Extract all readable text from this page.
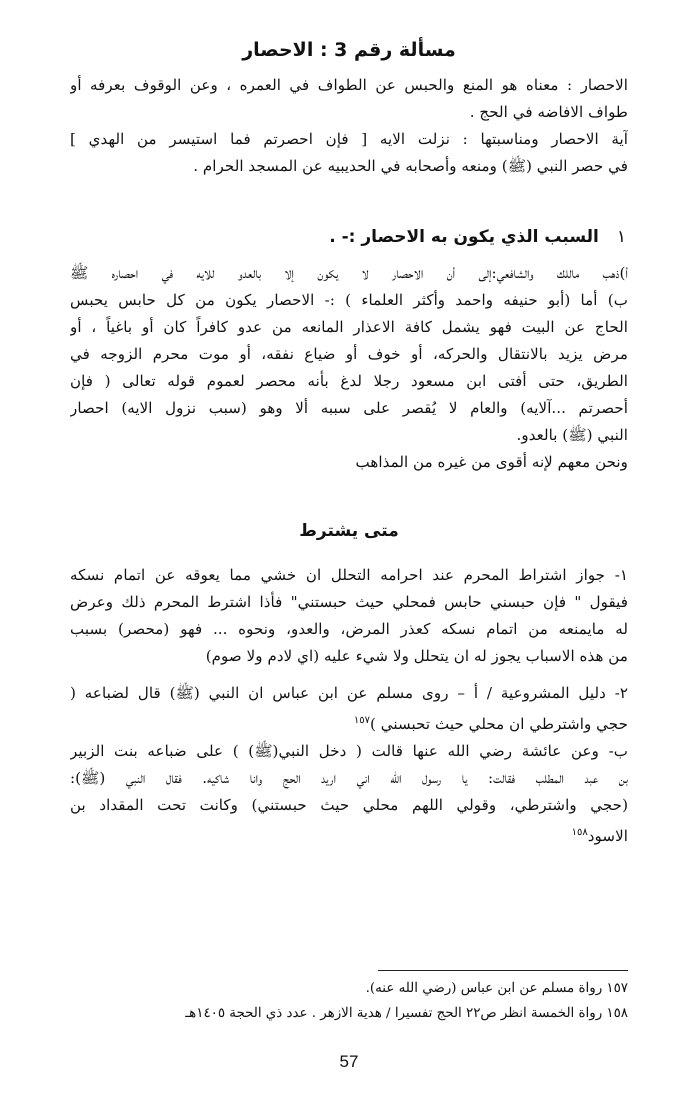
مسألة رقم 3 : الاحصار
الاحصار : معناه هو المنع والحبس عن الطواف في العمره ، وعن الوقوف بعرفه أو
طواف الافاضه في الحج .
آية الاحصار ومناسبتها : نزلت الايه [ فإن احصرتم فما استيسر من الهدي ]
في حصر النبي (ﷺ) ومنعه وأصحابه في الحديبيه عن المسجد الحرام .
١السبب الذي يكون به الاحصار :- .
أ)ذهب ماللك والشافعي:إلى أن الاحصار لا يكون إلا بالعدو للايه في احصاره ﷺ
ب) أما (أبو حنيفه واحمد وأكثر العلماء ) :- الاحصار يكون من كل حابس يحبس
الحاج عن البيت فهو يشمل كافة الاعذار المانعه من عدو كافراً كان أو باغياً ، أو
مرض يزيد بالانتقال والحركه، أو خوف أو ضياع نفقه، أو موت محرم الزوجه في
الطريق، حتى أفتى ابن مسعود رجلا لدغ بأنه محصر لعموم قوله تعالى ( فإن
أحصرتم ...آلايه) والعام لا يُقصر على سببه ألا وهو (سبب نزول الايه) احصار
النبي (ﷺ) بالعدو.
ونحن معهم لإنه أقوى من غيره من المذاهب
متى يشترط
١- جواز اشتراط المحرم عند احرامه التحلل ان خشي مما يعوقه عن اتمام نسكه
فيقول " فإن حبسني حابس فمحلي حيث حبستني" فأذا اشترط المحرم ذلك وعرض
له مايمنعه من اتمام نسكه كعذر المرض، والعدو، ونحوه ... فهو (محصر) بسبب
من هذه الاسباب يجوز له ان يتحلل ولا شيء عليه (اي لادم ولا صوم)
٢- دليل المشروعية / أ – روى مسلم عن ابن عباس ان النبي (ﷺ) قال لضباعه (
حجي واشترطي ان محلي حيث تحبسني )$^{١٥٧}$
ب- وعن عائشة رضي الله عنها قالت ( دخل النبي(ﷺ) ) على ضباعه بنت الزبير
بن عبد المطلب فقالت: يا رسول الله اني اريد الحج وانا شاكيه. فقال النبي (ﷺ):
(حجي واشترطي، وقولي اللهم محلي حيث حبستني) وكانت تحت المقداد بن
الاسود$^{١٥٨}$
١٥٧ رواة مسلم عن ابن عباس (رضي الله عنه).
١٥٨ رواة الخمسة انظر ص٢٢ الحج تفسيرا / هدية الازهر . عدد ذي الحجة ١٤٠٥هـ
57
